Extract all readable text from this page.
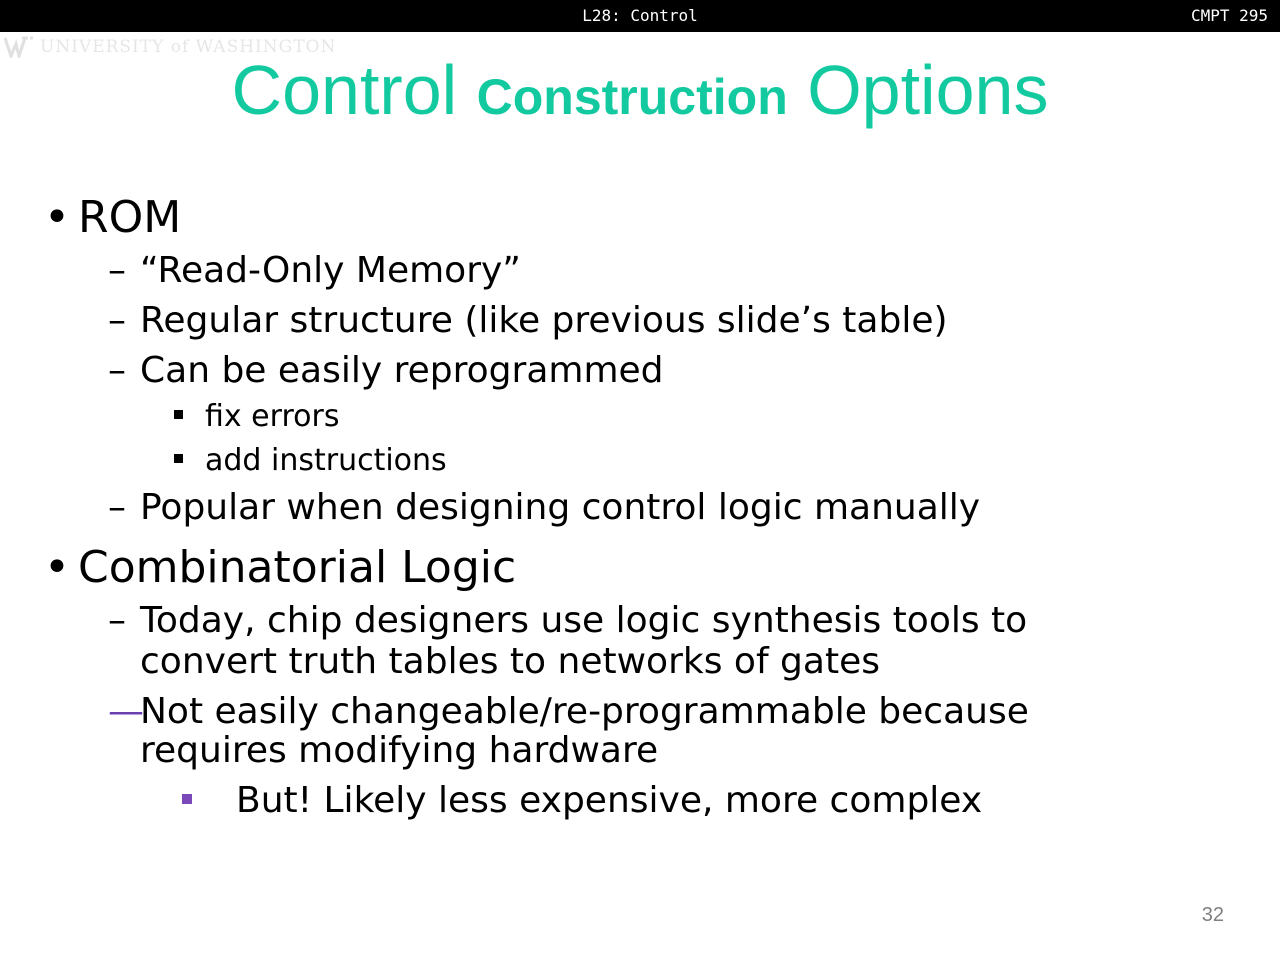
L28: Control	CMPT 295
UNIVERSITY of WASHINGTON
Control Construction Options
• ROM
– “Read-Only Memory”
– Regular structure (like previous slide’s table)
– Can be easily reprogrammed
fix errors
add instructions
– Popular when designing control logic manually
• Combinatorial Logic
– Today, chip designers use logic synthesis tools to
convert truth tables to networks of gates
—Not easily changeable/re-programmable because
requires modifying hardware
But! Likely less expensive, more complex
32
